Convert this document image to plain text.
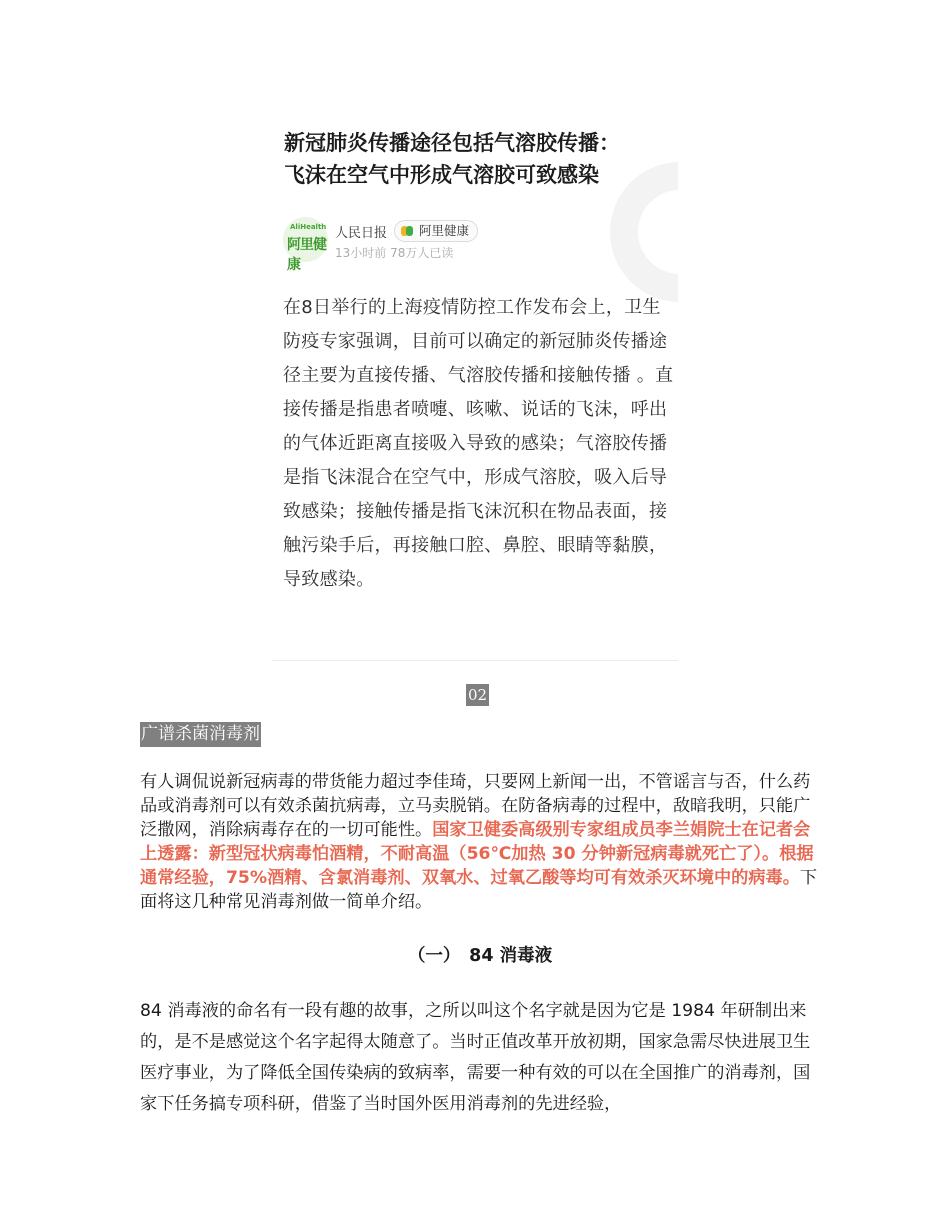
新冠肺炎传播途径包括气溶胶传播：
飞沫在空气中形成气溶胶可致感染
AliHealth
阿里健康
人民日报	阿里健康
13小时前 78万人已读
在8日举行的上海疫情防控工作发布会上，卫生防疫专家强调，目前可以确定的新冠肺炎传播途径主要为直接传播、气溶胶传播和接触传播 。直接传播是指患者喷嚏、咳嗽、说话的飞沫，呼出的气体近距离直接吸入导致的感染；气溶胶传播是指飞沫混合在空气中，形成气溶胶，吸入后导致感染；接触传播是指飞沫沉积在物品表面，接触污染手后，再接触口腔、鼻腔、眼睛等黏膜，导致感染。
02
广谱杀菌消毒剂
有人调侃说新冠病毒的带货能力超过李佳琦，只要网上新闻一出，不管谣言与否，什么药品或消毒剂可以有效杀菌抗病毒，立马卖脱销。在防备病毒的过程中，敌暗我明，只能广泛撒网，消除病毒存在的一切可能性。国家卫健委高级别专家组成员李兰娟院士在记者会上透露：新型冠状病毒怕酒精，不耐高温（56℃加热 30 分钟新冠病毒就死亡了）。根据通常经验，75%酒精、含氯消毒剂、双氧水、过氧乙酸等均可有效杀灭环境中的病毒。下面将这几种常见消毒剂做一简单介绍。
（一）　84 消毒液
84 消毒液的命名有一段有趣的故事，之所以叫这个名字就是因为它是 1984 年研制出来的，是不是感觉这个名字起得太随意了。当时正值改革开放初期，国家急需尽快进展卫生医疗事业，为了降低全国传染病的致病率，需要一种有效的可以在全国推广的消毒剂，国家下任务搞专项科研，借鉴了当时国外医用消毒剂的先进经验，
